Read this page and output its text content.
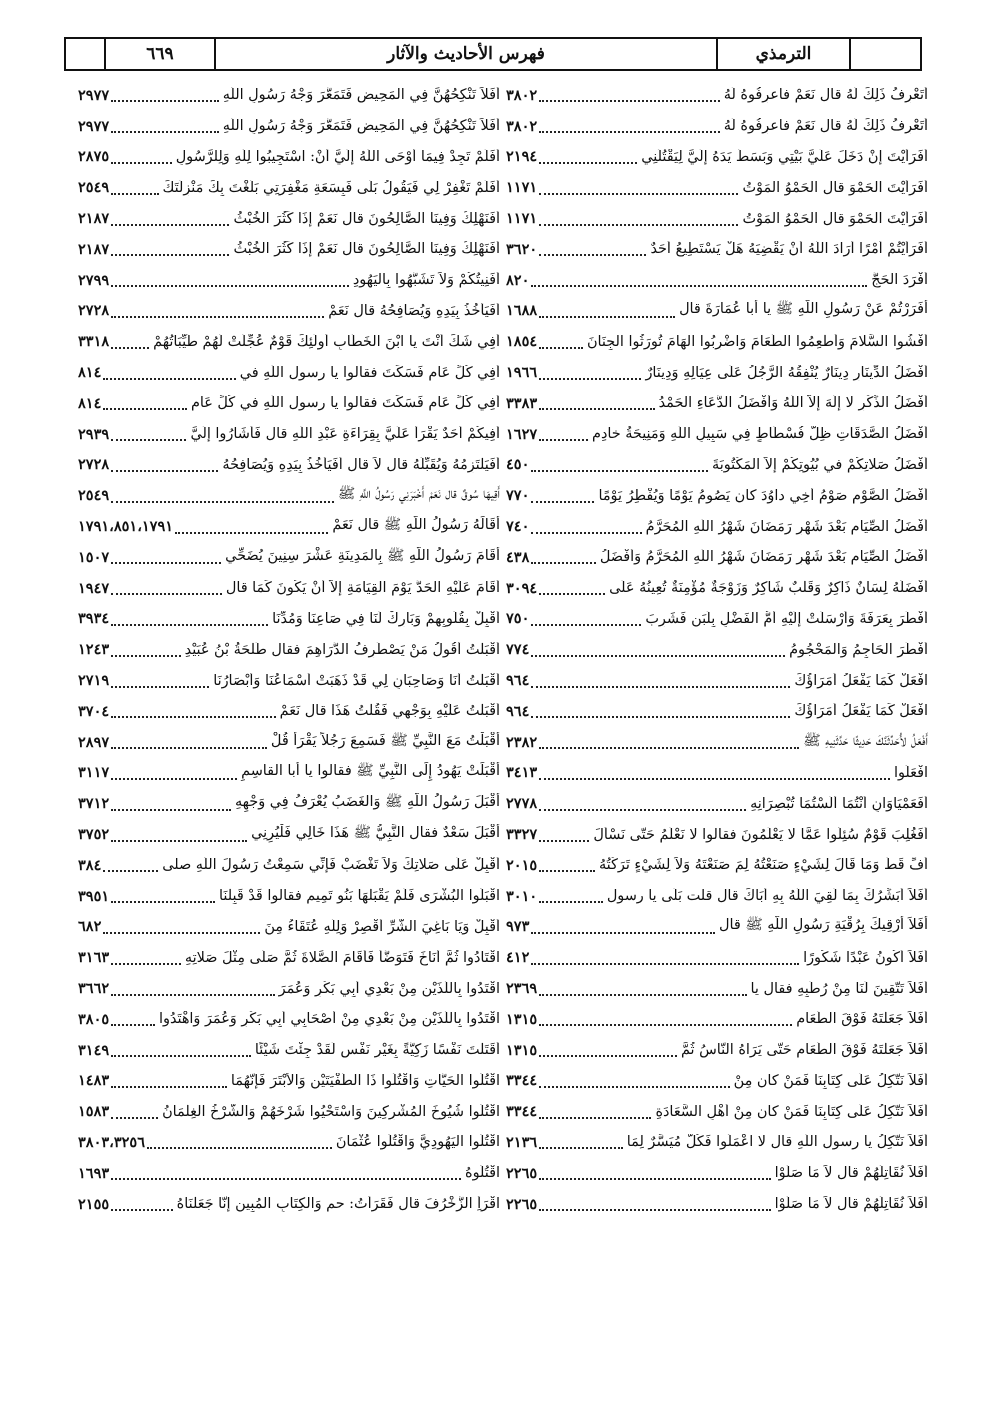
٦٦٩	فهرس الأحاديث والآثار	الترمذي
أَتَعْرِفُ ذَلِكَ لَهُ قال نَعَمْ فاعرِفُوهُ لَهُ
٣٨٠٢
أَتَعْرِفُ ذَلِكَ لَهُ قال نَعَمْ فاعرِفُوهُ لَهُ
٣٨٠٢
أَفَرَأَيْتَ إِنْ دَخَلَ عَلَيَّ بَيْتِي وَبَسَطَ يَدَهُ إِلَيَّ لِيَقْتُلَنِي
٢١٩٤
أَفَرَأَيْتَ الحَمْوَ قال الحَمْوُ المَوْتُ
١١٧١
أَفَرَأَيْتَ الحَمْوَ قال الحَمْوُ المَوْتُ
١١٧١
أَفَرَأَيْتُمْ أَمْرًا أَرَادَ اللَّهُ أَنْ يَقْضِيَهُ هَلْ يَسْتَطِيعُ أَحَدٌ
٣٦٢٠
أَفْرَدَ الحَجَّ
٨٢٠
أَفَرَرْتُمْ عَنْ رَسُولِ اللَّهِ ﷺ يا أبا عُمَارَةَ قال
١٦٨٨
أَفْشُوا السَّلامَ وَأَطْعِمُوا الطَّعَامَ وَاضْرِبُوا الهَامَ تُورَثُوا الجِنَانَ
١٨٥٤
أَفْضَلُ الدِّينَارِ دِينَارٌ يُنْفِقُهُ الرَّجُلُ عَلَى عِيَالِهِ وَدِينَارٌ
١٩٦٦
أَفْضَلُ الذِّكْرِ لا إِلَهَ إِلاَّ اللَّهُ وَأَفْضَلُ الدُّعَاءِ الحَمْدُ
٣٣٨٣
أَفْضَلُ الصَّدَقَاتِ ظِلُّ فُسْطَاطٍ فِي سَبِيلِ اللَّهِ وَمَنِيحَةُ خادِمٍ
١٦٢٧
أَفْضَلُ صَلاتِكُمْ في بُيُوتِكُمْ إِلاَّ المَكْتُوبَةَ
٤٥٠
أَفْضَلُ الصَّوْمِ صَوْمُ أَخِي داوُدَ كان يَصُومُ يَوْمًا وَيُفْطِرُ يَوْمًا
٧٧٠
أَفْضَلُ الصِّيَامِ بَعْدَ شَهْرِ رَمَضَانَ شَهْرُ اللَّهِ المُحَرَّمُ
٧٤٠
أَفْضَلُ الصِّيَامِ بَعْدَ شَهْرِ رَمَضَانَ شَهْرُ اللَّهِ المُحَرَّمُ وَأَفْضَلُ
٤٣٨
أَفْضَلُهُ لِسَانٌ ذَاكِرٌ وَقَلْبٌ شَاكِرٌ وَزَوْجَةٌ مُؤْمِنَةٌ تُعِينُهُ عَلَى
٣٠٩٤
أَفْطَرَ بِعَرَفَةَ وَأَرْسَلَتْ إِلَيْهِ أُمُّ الفَضْلِ بِلَبَنٍ فَشَرِبَ
٧٥٠
أَفْطَرَ الحَاجِمُ وَالمَحْجُومُ
٧٧٤
افْعَلْ كَمَا يَفْعَلُ أُمَرَاؤُكَ
٩٦٤
افْعَلْ كَمَا يَفْعَلُ أُمَرَاؤُكَ
٩٦٤
أَفْعَلُ لأُحَدِّثَنَّكَ حَدِيثًا حَدَّثَنِيهِ ﷺ
٢٣٨٢
افْعَلُوا
٣٤١٣
أَفَعَمْيَاوَانِ أَنْتُمَا أَلَسْتُمَا تُبْصِرَانِهِ
٢٧٧٨
أَفَغُلِبَ قَوْمٌ سُئِلُوا عَمَّا لا يَعْلَمُونَ فقالوا لا نَعْلَمُ حَتَّى نَسْأَلَ
٣٣٢٧
أُفٍّ قَطُّ وَمَا قَالَ لِشَيْءٍ صَنَعْتُهُ لِمَ صَنَعْتَهُ وَلاَ لِشَيْءٍ تَرَكْتُهُ
٢٠١٥
أَفَلاَ أُبَشِّرُكَ بِمَا لَقِيَ اللَّهُ بِهِ أَبَاكَ قال قلت بَلَى يا رسول
٣٠١٠
أَفَلاَ أَرْقِيكَ بِرُقْيَةِ رَسُولِ اللَّهِ ﷺ قال
٩٧٣
أَفَلاَ أَكُونُ عَبْدًا شَكُورًا
٤١٢
أَفَلاَ تَتَّقِينَ لَنَا مِنْ رُطَبِهِ فقال يا
٢٣٦٩
أَفَلاَ جَعَلْتَهُ فَوْقَ الطَّعَامِ
١٣١٥
أَفَلاَ جَعَلْتَهُ فَوْقَ الطَّعَامِ حَتَّى يَرَاهُ النَّاسُ ثُمَّ
١٣١٥
أَفَلاَ نَتَّكِلُ عَلَى كِتَابِنَا فَمَنْ كان مِنْ
٣٣٤٤
أَفَلاَ نَتَّكِلُ عَلَى كِتَابِنَا فَمَنْ كان مِنْ أَهْلِ السَّعَادَةِ
٣٣٤٤
أَفَلاَ نَتَّكِلُ يا رسول اللَّهِ قال لا اعْمَلُوا فَكُلٌّ مُيَسَّرٌ لِمَا
٢١٣٦
أَفَلاَ نُقَاتِلُهُمْ قال لاَ مَا صَلَّوْا
٢٢٦٥
أَفَلاَ نُقَاتِلُهُمْ قال لاَ مَا صَلَّوْا
٢٢٦٥
أَفَلاَ تَنْكِحُهُنَّ فِي المَحِيضِ فَتَمَعَّرَ وَجْهُ رَسُولِ اللَّهِ
٢٩٧٧
أَفَلاَ تَنْكِحُهُنَّ فِي المَحِيضِ فَتَمَعَّرَ وَجْهُ رَسُولِ اللَّهِ
٢٩٧٧
أَفَلَمْ تَجِدْ فِيمَا أَوْحَى اللَّهُ إِلَيَّ أَنْ: اسْتَجِيبُوا لِلَّهِ وَلِلرَّسُولِ
٢٨٧٥
أَفَلَمْ تَغْفِرْ لِي فَيَقُولُ بَلَى فَبِسَعَةِ مَغْفِرَتِي بَلَغْتَ بِكَ مَنْزِلَتَكَ
٢٥٤٩
أَفَنَهْلِكُ وَفِينَا الصَّالِحُونَ قال نَعَمْ إِذَا كَثُرَ الخُبْثُ
٢١٨٧
أَفَنَهْلِكُ وَفِينَا الصَّالِحُونَ قال نَعَمْ إِذَا كَثُرَ الخُبْثُ
٢١٨٧
أَفَنِيتُكُمْ وَلاَ تَشَبَّهُوا بِاليَهُودِ
٢٧٩٩
أَفَيَأْخُذُ بِيَدِهِ وَيُصَافِحُهُ قال نَعَمْ
٢٧٢٨
أَفِي شَكٍّ أَنْتَ يا ابْنَ الخَطَّابِ أُولَئِكَ قَوْمٌ عُجِّلَتْ لَهُمْ طَيِّبَاتُهُمْ
٣٣١٨
أَفِي كُلِّ عَامٍ فَسَكَتَ فقالوا يا رسول اللَّهِ في
٨١٤
أَفِي كُلِّ عَامٍ فَسَكَتَ فقالوا يا رسول اللَّهِ في كُلِّ عَامٍ
٨١٤
أَفِيكُمْ أَحَدٌ يَقْرَأُ عَلَيَّ بِقِرَاءَةِ عَبْدِ اللَّهِ قال فَأَشَارُوا إِلَيَّ
٢٩٣٩
أَفَيَلْتَزِمُهُ وَيُقَبِّلُهُ قال لاَ قال أَفَيَأْخُذُ بِيَدِهِ وَيُصَافِحُهُ
٢٧٢٨
أَقِيهَا سُوقٌ قال نَعَمْ أَخْبَرَنِي رَسُولُ اللَّهِ ﷺ
٢٥٤٩
أَقَالَهُ رَسُولُ اللَّهِ ﷺ قال نَعَمْ
١٧٩١،٨٥١،١٧٩١
أَقَامَ رَسُولُ اللَّهِ ﷺ بِالمَدِينَةِ عَشْرَ سِنِينَ يُضَحِّي
١٥٠٧
أَقَامَ عَلَيْهِ الحَدَّ يَوْمَ القِيَامَةِ إِلاَّ أَنْ يَكُونَ كَمَا قال
١٩٤٧
أَقْبِلْ بِقُلُوبِهِمْ وَبَارِكْ لَنَا فِي صَاعِنَا وَمُدِّنَا
٣٩٣٤
أَقْبَلْتُ أَقُولُ مَنْ يَصْطَرِفُ الدَّرَاهِمَ فقال طَلْحَةُ بْنُ عُبَيْدِ
١٢٤٣
أَقْبَلْتُ أَنَا وَصَاحِبَانِ لِي قَدْ ذَهَبَتْ أَسْمَاعُنَا وَأَبْصَارُنَا
٢٧١٩
أَقْبَلْتُ عَلَيْهِ بِوَجْهِي فَقُلْتُ هَذَا قال نَعَمْ
٣٧٠٤
أَقْبَلْتُ مَعَ النَّبِيِّ ﷺ فَسَمِعَ رَجُلاً يَقْرَأُ قُلْ
٢٨٩٧
أَقْبَلَتْ يَهُودُ إِلَى النَّبِيِّ ﷺ فقالوا يا أبا القاسِمِ
٣١١٧
أَقْبَلَ رَسُولُ اللَّهِ ﷺ وَالغَضَبُ يُعْرَفُ فِي وَجْهِهِ
٣٧١٢
أَقْبَلَ سَعْدٌ فقال النَّبِيُّ ﷺ هَذَا خَالِي فَلْيُرِنِي
٣٧٥٢
أَقْبِلْ عَلَى صَلاتِكَ وَلاَ تَغْضَبْ فَإِنِّي سَمِعْتُ رَسُولَ اللَّهِ صلى
٣٨٤
اقْبَلُوا البُشْرَى فَلَمْ يَقْبَلْهَا بَنُو تَمِيمٍ فقالوا قَدْ قَبِلْنَا
٣٩٥١
أَقْبِلْ وَيَا بَاغِيَ الشَّرِّ أَقْصِرْ وَلِلَّهِ عُتَقَاءُ مِنَ
٦٨٢
اقْتَادُوا ثُمَّ أَنَاخَ فَتَوَضَّأَ فَأَقَامَ الصَّلاةَ ثُمَّ صَلَّى مِثْلَ صَلاتِهِ
٣١٦٣
اقْتَدُوا بِاللَّذَيْنِ مِنْ بَعْدِي أَبِي بَكْرٍ وَعُمَرَ
٣٦٦٢
اقْتَدُوا بِاللَّذَيْنِ مِنْ بَعْدِي مِنْ أَصْحَابِي أَبِي بَكْرٍ وَعُمَرَ وَاهْتَدُوا
٣٨٠٥
أَقَتَلْتَ نَفْسًا زَكِيَّةً بِغَيْرِ نَفْسٍ لَقَدْ جِئْتَ شَيْئًا
٣١٤٩
اقْتُلُوا الحَيَّاتِ وَاقْتُلُوا ذَا الطُّفْيَتَيْنِ وَالأَبْتَرَ فَإِنَّهُمَا
١٤٨٣
اقْتُلُوا شُيُوخَ المُشْرِكِينَ وَاسْتَحْيُوا شَرْخَهُمْ وَالشَّرْخُ الغِلْمَانُ
١٥٨٣
اقْتُلُوا اليَهُودِيَّ وَاقْتُلُوا عُثْمَانَ
٣٨٠٣،٣٢٥٦
اقْتُلُوهُ
١٦٩٣
اقْرَأِ الزُّخْرُفَ قال فَقَرَأْتُ: حم وَالكِتَابِ المُبِينِ إِنَّا جَعَلْنَاهُ
٢١٥٥
